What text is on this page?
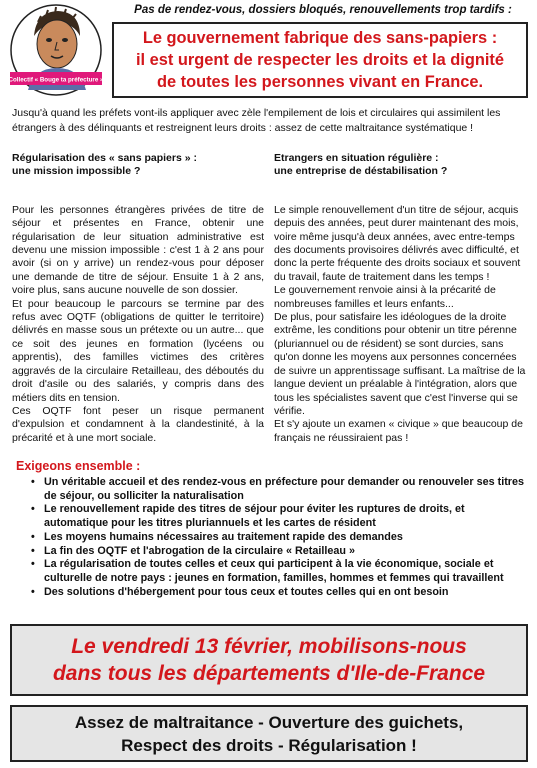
Collectif « Bouge ta préfecture »
Pas de rendez-vous, dossiers bloqués, renouvellements trop tardifs :
Le gouvernement fabrique des sans-papiers :
il est urgent de respecter les droits et la dignité
de toutes les personnes vivant en France.
Jusqu'à quand les préfets vont-ils appliquer avec zèle l'empilement de lois et circulaires qui assimilent les étrangers à des délinquants et restreignent leurs droits : assez de cette maltraitance systématique !
Régularisation des « sans papiers » :
une mission impossible ?

Pour les personnes étrangères privées de titre de séjour et présentes en France, obtenir une régularisation de leur situation administrative est devenu une mission impossible : c'est 1 à 2 ans pour avoir (si on y arrive) un rendez-vous pour déposer une demande de titre de séjour. Ensuite 1 à 2 ans, voire plus, sans aucune nouvelle de son dossier.

Et pour beaucoup le parcours se termine par des refus avec OQTF (obligations de quitter le territoire) délivrés en masse sous un prétexte ou un autre... que ce soit des jeunes en formation (lycéens ou apprentis), des familles victimes des critères aggravés de la circulaire Retailleau, des déboutés du droit d'asile ou des salariés, y compris dans des métiers dits en tension.

Ces OQTF font peser un risque permanent d'expulsion et condamnent à la clandestinité, à la précarité et à une mort sociale.

Etrangers en situation régulière :
une entreprise de déstabilisation ?

Le simple renouvellement d'un titre de séjour, acquis depuis des années, peut durer maintenant des mois, voire même jusqu'à deux années, avec entre-temps des documents provisoires délivrés avec difficulté, et donc la perte fréquente des droits sociaux et souvent du travail, faute de traitement dans les temps !

Le gouvernement renvoie ainsi à la précarité de nombreuses familles et leurs enfants...

De plus, pour satisfaire les idéologues de la droite extrême, les conditions pour obtenir un titre pérenne (pluriannuel ou de résident) se sont durcies, sans qu'on donne les moyens aux personnes concernées de suivre un apprentissage suffisant. La maîtrise de la langue devient un préalable à l'intégration, alors que tous les spécialistes savent que c'est l'inverse qui se vérifie.

Et s'y ajoute un examen « civique » que beaucoup de français ne réussiraient pas !

Exigeons ensemble :
• Un véritable accueil et des rendez-vous en préfecture pour demander ou renouveler ses titres de séjour, ou solliciter la naturalisation
• Le renouvellement rapide des titres de séjour pour éviter les ruptures de droits, et automatique pour les titres pluriannuels et les cartes de résident
• Les moyens humains nécessaires au traitement rapide des demandes
• La fin des OQTF et l'abrogation de la circulaire « Retailleau »
• La régularisation de toutes celles et ceux qui participent à la vie économique, sociale et culturelle de notre pays : jeunes en formation, familles, hommes et femmes qui travaillent
• Des solutions d'hébergement pour tous ceux et toutes celles qui en ont besoin
Le vendredi 13 février, mobilisons-nous
dans tous les départements d'Ile-de-France
Assez de maltraitance - Ouverture des guichets,
Respect des droits - Régularisation !
